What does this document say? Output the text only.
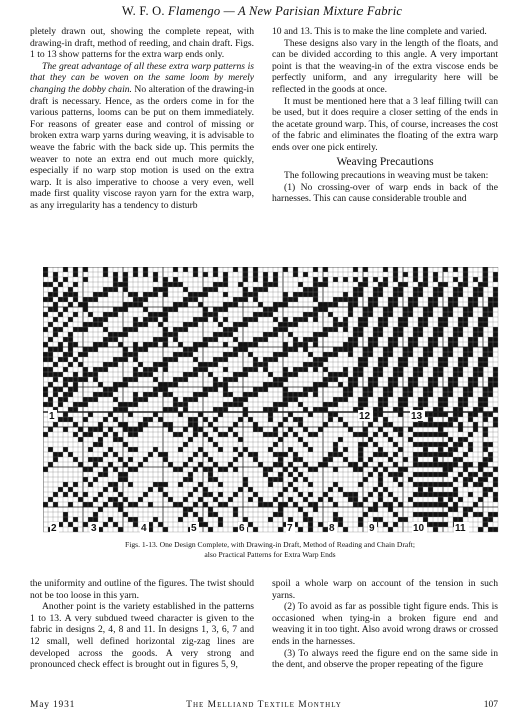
W. F. O. Flamengo — A New Parisian Mixture Fabric

pletely drawn out, showing the complete repeat, with drawing-in draft, method of reeding, and chain draft. Figs. 1 to 13 show patterns for the extra warp ends only.

The great advantage of all these extra warp patterns is that they can be woven on the same loom by merely changing the dobby chain. No alteration of the drawing-in draft is necessary. Hence, as the orders come in for the various patterns, looms can be put on them immediately. For reasons of greater ease and control of missing or broken extra warp yarns during weaving, it is advisable to weave the fabric with the back side up. This permits the weaver to note an extra end out much more quickly, especially if no warp stop motion is used on the extra warp. It is also imperative to choose a very even, well made first quality viscose rayon yarn for the extra warp, as any irregularity has a tendency to disturb

10 and 13. This is to make the line complete and varied.

These designs also vary in the length of the floats, and can be divided according to this angle. A very important point is that the weaving-in of the extra viscose ends be perfectly uniform, and any irregularity here will be reflected in the goods at once.

It must be mentioned here that a 3 leaf filling twill can be used, but it does require a closer setting of the ends in the acetate ground warp. This, of course, increases the cost of the fabric and eliminates the floating of the extra warp ends over one pick entirely.

Weaving Precautions

The following precautions in weaving must be taken:

(1) No crossing-over of warp ends in back of the harnesses. This can cause considerable trouble and

1	12	13
2	3	4	5	6	7	8	9	10	11
Figs. 1-13. One Design Complete, with Drawing-in Draft, Method of Reading and Chain Draft;
also Practical Patterns for Extra Warp Ends

the uniformity and outline of the figures. The twist should not be too loose in this yarn.

Another point is the variety established in the patterns 1 to 13. A very subdued tweed character is given to the fabric in designs 2, 4, 8 and 11. In designs 1, 3, 6, 7 and 12 small, well defined horizontal zig-zag lines are developed across the goods. A very strong and pronounced check effect is brought out in figures 5, 9,

spoil a whole warp on account of the tension in such yarns.

(2) To avoid as far as possible tight figure ends. This is occasioned when tying-in a broken figure end and weaving it in too tight. Also avoid wrong draws or crossed ends in the harnesses.

(3) To always reed the figure end on the same side in the dent, and observe the proper repeating of the figure

May 1931	The Melliand Textile Monthly	107
